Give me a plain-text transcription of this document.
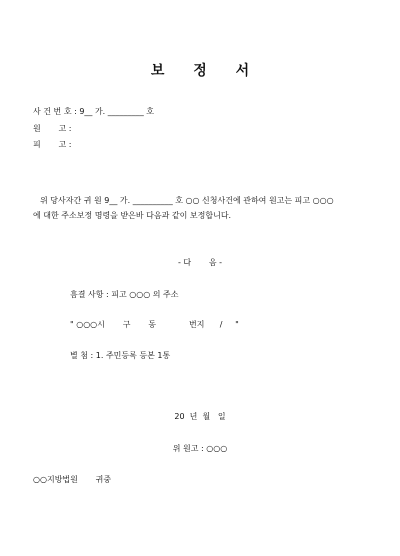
보 정 서
사 건 번 호 : 9__ 가. _________ 호
원       고 :
피       고 :
위 당사자간 귀 원 9__ 가. __________ 호 ○○ 신청사건에 관하여 원고는 피고 ○○○
에 대한 주소보정 명령을 받은바 다음과 같이 보정합니다.
- 다       음 -
흠결 사항 : 피고 ○○○ 의 주소
" ○○○시       구       동             번지      /     "
별 첨 : 1. 주민등록 등본 1통
20  년  월   일
위 원고 : ○○○
○○지방법원       귀중
